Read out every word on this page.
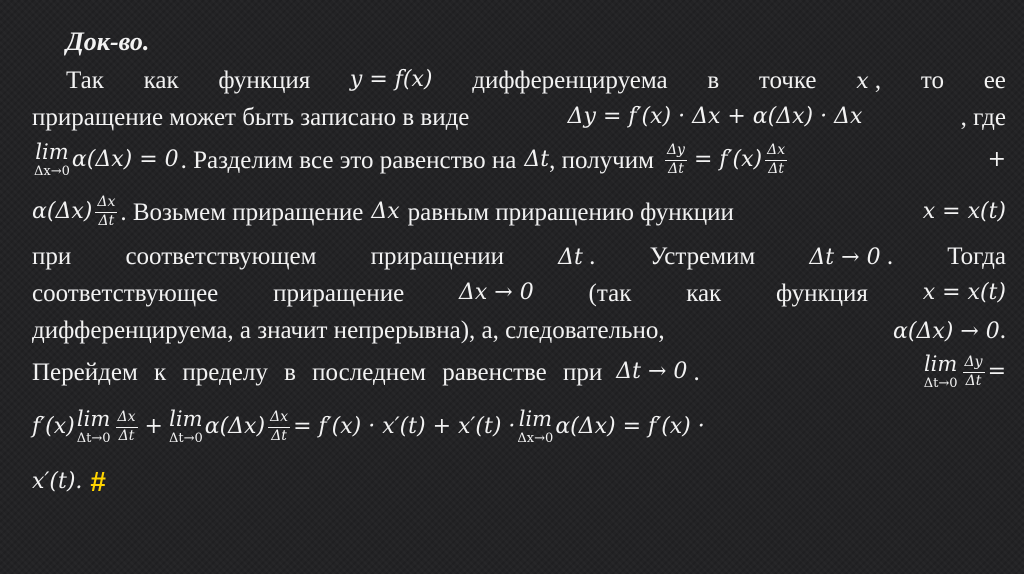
Док-во.
Так как функция y = f(x) дифференцируема в точке x , то ее
приращение может быть записано в виде	Δy = f′(x) · Δx + α(Δx) · Δx	, где
lim
Δx→0 α(Δx) = 0 . Разделим все это равенство на Δt , получим $\frac{\Delta y}{\Delta t} = f'(x) \frac{\Delta x}{\Delta t}$	+
$\alpha(\Delta x) \frac{\Delta x}{\Delta t}$ . Возьмем приращение Δx равным приращению функции	x = x(t)
при соответствующем приращении Δt . Устремим Δt → 0 . Тогда
соответствующее приращение Δx → 0 (так как функция x = x(t)
дифференцируема, а значит непрерывна), а, следовательно,	α(Δx) → 0.
Перейдем к пределу в последнем равенстве при Δt → 0 .	lim
$\Delta t\to 0 \frac{\Delta y}{\Delta t}$ =
f′(x) lim
$\Delta t\to 0 \frac{\Delta x}{\Delta t} + \lim$
Δt→0 $\alpha(\Delta x) \frac{\Delta x}{\Delta t} = f'(x) \cdot x'(t) + x'(t) \cdot \lim$
Δx→0 α(Δx) = f′(x) ·
x′(t). #
